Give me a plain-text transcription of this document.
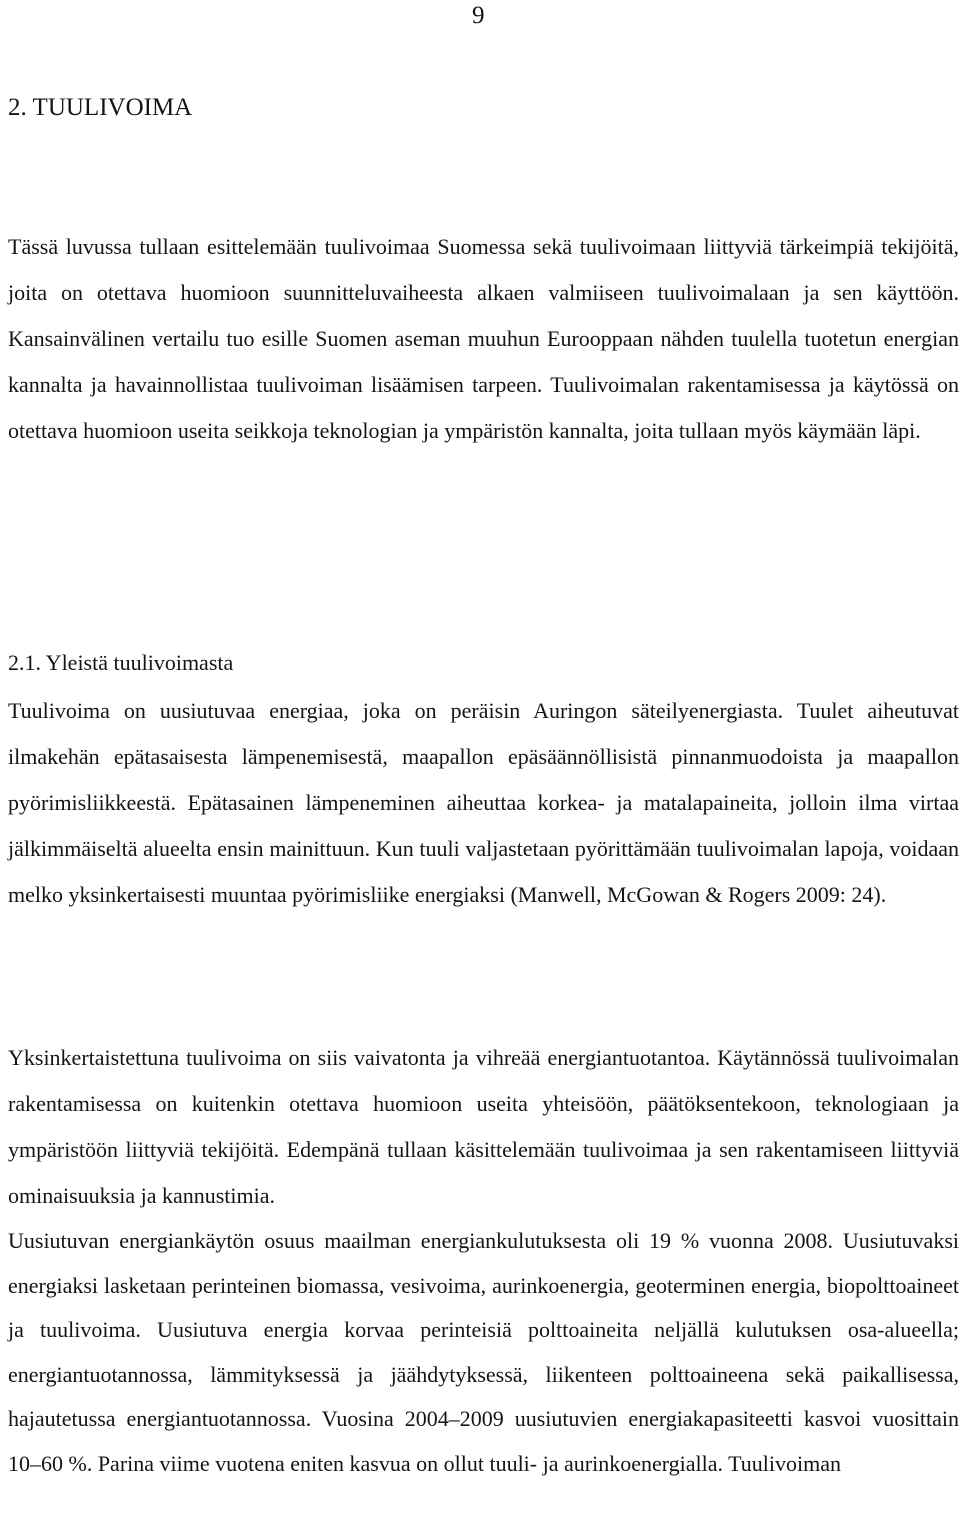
9
2. TUULIVOIMA

Tässä luvussa tullaan esittelemään tuulivoimaa Suomessa sekä tuulivoimaan liittyviä tärkeimpiä tekijöitä, joita on otettava huomioon suunnitteluvaiheesta alkaen valmiiseen tuulivoimalaan ja sen käyttöön. Kansainvälinen vertailu tuo esille Suomen aseman muuhun Eurooppaan nähden tuulella tuotetun energian kannalta ja havainnollistaa tuulivoiman lisäämisen tarpeen. Tuulivoimalan rakentamisessa ja käytössä on otettava huomioon useita seikkoja teknologian ja ympäristön kannalta, joita tullaan myös käymään läpi.

2.1. Yleistä tuulivoimasta

Tuulivoima on uusiutuvaa energiaa, joka on peräisin Auringon säteilyenergiasta. Tuulet aiheutuvat ilmakehän epätasaisesta lämpenemisestä, maapallon epäsäännöllisistä pinnanmuodoista ja maapallon pyörimisliikkeestä. Epätasainen lämpeneminen aiheuttaa korkea- ja matalapaineita, jolloin ilma virtaa jälkimmäiseltä alueelta ensin mainittuun. Kun tuuli valjastetaan pyörittämään tuulivoimalan lapoja, voidaan melko yksinkertaisesti muuntaa pyörimisliike energiaksi (Manwell, McGowan & Rogers 2009: 24).

Yksinkertaistettuna tuulivoima on siis vaivatonta ja vihreää energiantuotantoa. Käytännössä tuulivoimalan rakentamisessa on kuitenkin otettava huomioon useita yhteisöön, päätöksentekoon, teknologiaan ja ympäristöön liittyviä tekijöitä. Edempänä tullaan käsittelemään tuulivoimaa ja sen rakentamiseen liittyviä ominaisuuksia ja kannustimia.

Uusiutuvan energiankäytön osuus maailman energiankulutuksesta oli 19 % vuonna 2008. Uusiutuvaksi energiaksi lasketaan perinteinen biomassa, vesivoima, aurinkoenergia, geoterminen energia, biopolttoaineet ja tuulivoima. Uusiutuva energia korvaa perinteisiä polttoaineita neljällä kulutuksen osa-alueella; energiantuotannossa, lämmityksessä ja jäähdytyksessä, liikenteen polttoaineena sekä paikallisessa, hajautetussa energiantuotannossa. Vuosina 2004–2009 uusiutuvien energiakapasiteetti kasvoi vuosittain 10–60 %. Parina viime vuotena eniten kasvua on ollut tuuli- ja aurinkoenergialla. Tuulivoiman
